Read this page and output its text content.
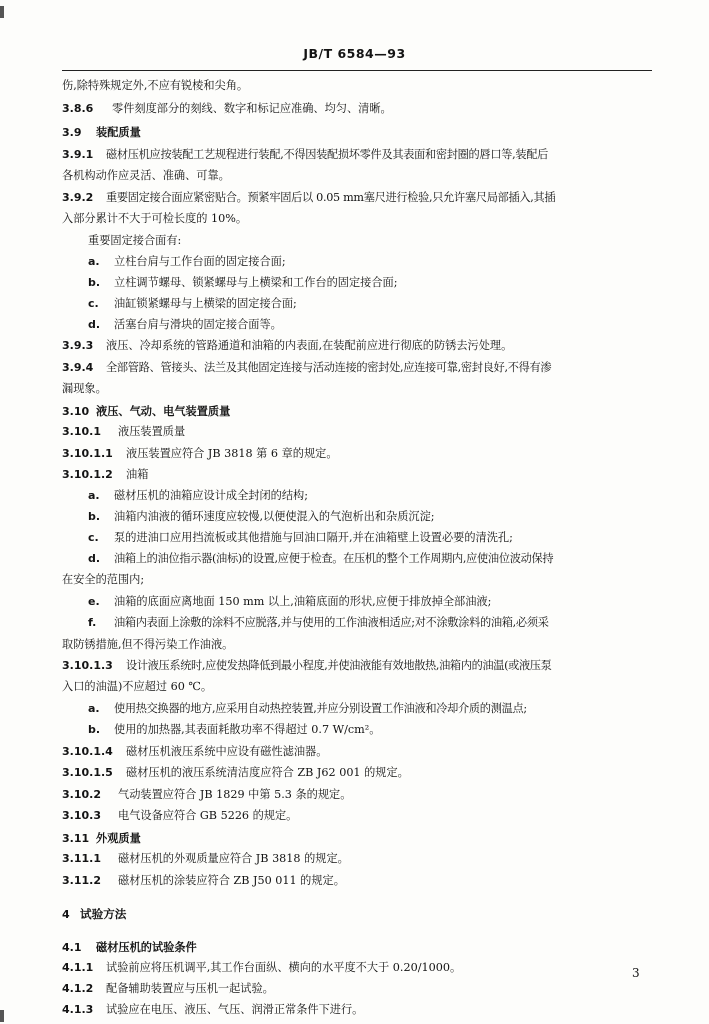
JB/T 6584—93
伤,除特殊规定外,不应有锐棱和尖角。
3.8.6 零件刻度部分的刻线、数字和标记应准确、均匀、清晰。
3.9 装配质量
3.9.1 磁材压机应按装配工艺规程进行装配,不得因装配损坏零件及其表面和密封圈的唇口等,装配后
各机构动作应灵活、准确、可靠。
3.9.2 重要固定接合面应紧密贴合。预紧牢固后以 0.05 mm塞尺进行检验,只允许塞尺局部插入,其插
入部分累计不大于可检长度的 10%。
重要固定接合面有:
a. 立柱台肩与工作台面的固定接合面;
b. 立柱调节螺母、锁紧螺母与上横梁和工作台的固定接合面;
c. 油缸锁紧螺母与上横梁的固定接合面;
d. 活塞台肩与滑块的固定接合面等。
3.9.3 液压、冷却系统的管路通道和油箱的内表面,在装配前应进行彻底的防锈去污处理。
3.9.4 全部管路、管接头、法兰及其他固定连接与活动连接的密封处,应连接可靠,密封良好,不得有渗
漏现象。
3.10 液压、气动、电气装置质量
3.10.1 液压装置质量
3.10.1.1 液压装置应符合 JB 3818 第 6 章的规定。
3.10.1.2 油箱
a. 磁材压机的油箱应设计成全封闭的结构;
b. 油箱内油液的循环速度应较慢,以便使混入的气泡析出和杂质沉淀;
c. 泵的进油口应用挡流板或其他措施与回油口隔开,并在油箱壁上设置必要的清洗孔;
d. 油箱上的油位指示器(油标)的设置,应便于检查。在压机的整个工作周期内,应使油位波动保持
在安全的范围内;
e. 油箱的底面应离地面 150 mm 以上,油箱底面的形状,应便于排放掉全部油液;
f. 油箱内表面上涂敷的涂料不应脱落,并与使用的工作油液相适应;对不涂敷涂料的油箱,必须采
取防锈措施,但不得污染工作油液。
3.10.1.3 设计液压系统时,应使发热降低到最小程度,并使油液能有效地散热,油箱内的油温(或液压泵
入口的油温)不应超过 60 ℃。
a. 使用热交换器的地方,应采用自动热控装置,并应分别设置工作油液和冷却介质的测温点;
b. 使用的加热器,其表面耗散功率不得超过 0.7 W/cm²。
3.10.1.4 磁材压机液压系统中应设有磁性滤油器。
3.10.1.5 磁材压机的液压系统清洁度应符合 ZB J62 001 的规定。
3.10.2 气动装置应符合 JB 1829 中第 5.3 条的规定。
3.10.3 电气设备应符合 GB 5226 的规定。
3.11 外观质量
3.11.1 磁材压机的外观质量应符合 JB 3818 的规定。
3.11.2 磁材压机的涂装应符合 ZB J50 011 的规定。
4 试验方法
4.1 磁材压机的试验条件
4.1.1 试验前应将压机调平,其工作台面纵、横向的水平度不大于 0.20/1000。
4.1.2 配备辅助装置应与压机一起试验。
4.1.3 试验应在电压、液压、气压、润滑正常条件下进行。
3
